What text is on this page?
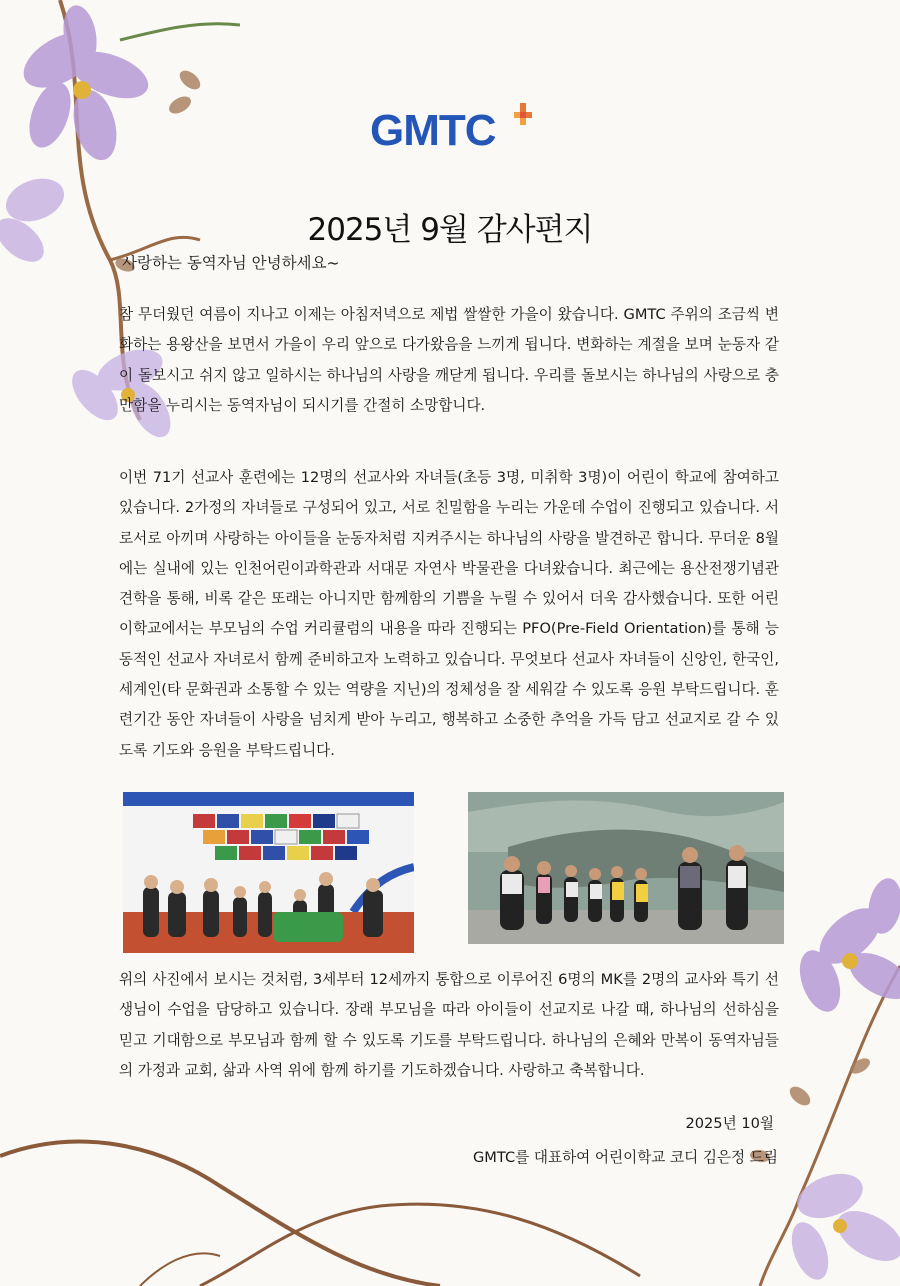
GMTC
2025년 9월 감사편지
사랑하는 동역자님 안녕하세요~

참 무더웠던 여름이 지나고 이제는 아침저녁으로 제법 쌀쌀한 가을이 왔습니다. GMTC 주위의 조금씩 변화하는 용왕산을 보면서 가을이 우리 앞으로 다가왔음을 느끼게 됩니다. 변화하는 계절을 보며 눈동자 같이 돌보시고 쉬지 않고 일하시는 하나님의 사랑을 깨닫게 됩니다. 우리를 돌보시는 하나님의 사랑으로 충만함을 누리시는 동역자님이 되시기를 간절히 소망합니다.

이번 71기 선교사 훈련에는 12명의 선교사와 자녀들(초등 3명, 미취학 3명)이 어린이 학교에 참여하고 있습니다. 2가정의 자녀들로 구성되어 있고, 서로 친밀함을 누리는 가운데 수업이 진행되고 있습니다. 서로서로 아끼며 사랑하는 아이들을 눈동자처럼 지켜주시는 하나님의 사랑을 발견하곤 합니다. 무더운 8월에는 실내에 있는 인천어린이과학관과 서대문 자연사 박물관을 다녀왔습니다. 최근에는 용산전쟁기념관 견학을 통해, 비록 같은 또래는 아니지만 함께함의 기쁨을 누릴 수 있어서 더욱 감사했습니다. 또한 어린이학교에서는 부모님의 수업 커리큘럼의 내용을 따라 진행되는 PFO(Pre-Field Orientation)를 통해 능동적인 선교사 자녀로서 함께 준비하고자 노력하고 있습니다. 무엇보다 선교사 자녀들이 신앙인, 한국인, 세계인(타 문화권과 소통할 수 있는 역량을 지닌)의 정체성을 잘 세워갈 수 있도록 응원 부탁드립니다. 훈련기간 동안 자녀들이 사랑을 넘치게 받아 누리고, 행복하고 소중한 추억을 가득 담고 선교지로 갈 수 있도록 기도와 응원을 부탁드립니다.

위의 사진에서 보시는 것처럼, 3세부터 12세까지 통합으로 이루어진 6명의 MK를 2명의 교사와 특기 선생님이 수업을 담당하고 있습니다. 장래 부모님을 따라 아이들이 선교지로 나갈 때, 하나님의 선하심을 믿고 기대함으로 부모님과 함께 할 수 있도록 기도를 부탁드립니다. 하나님의 은혜와 만복이 동역자님들의 가정과 교회, 삶과 사역 위에 함께 하기를 기도하겠습니다. 사랑하고 축복합니다.

2025년 10월
GMTC를 대표하여 어린이학교 코디 김은정 드림
